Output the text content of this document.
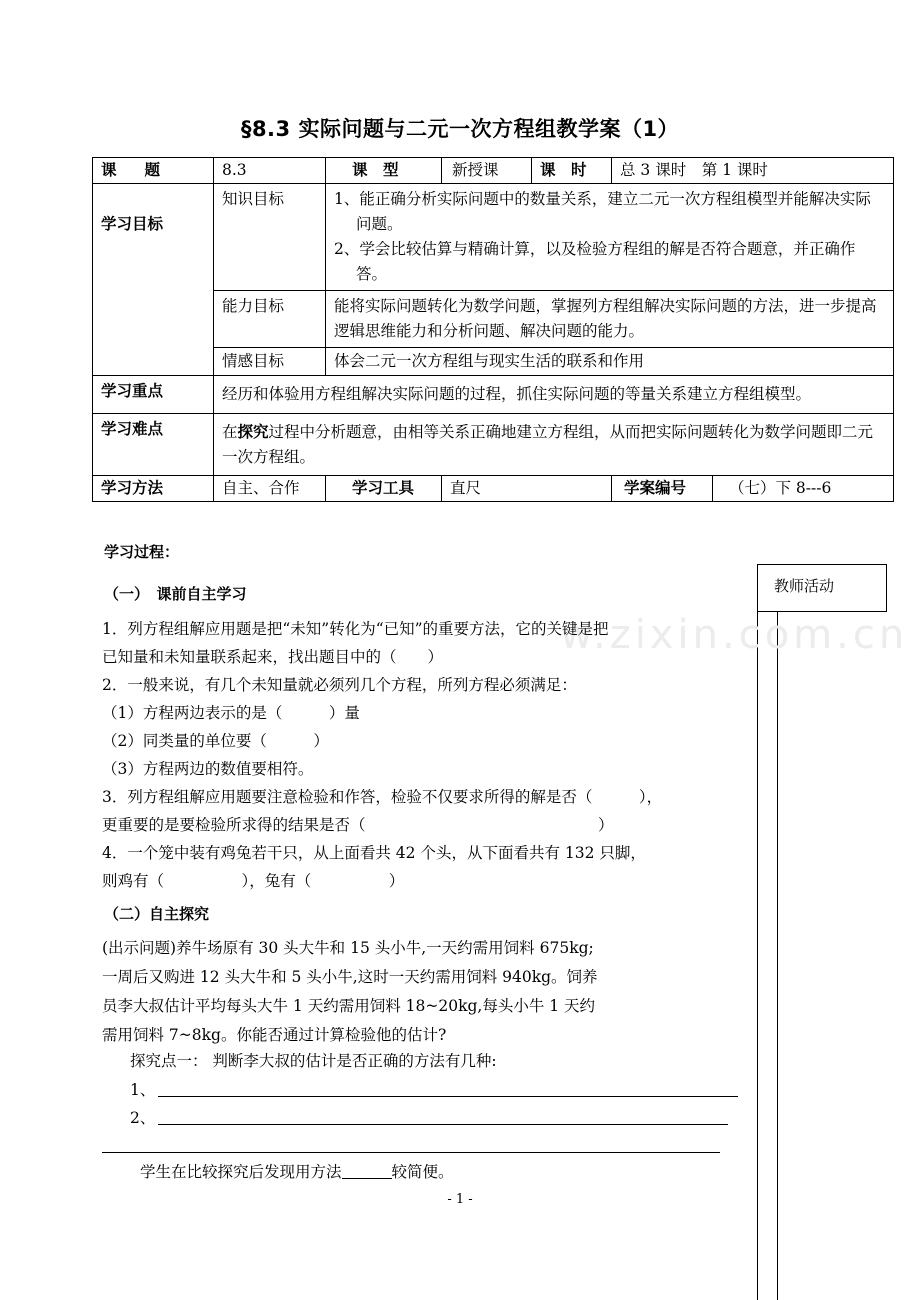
§8.3 实际问题与二元一次方程组教学案（1）
课题	8.3	课　型	新授课	课　时	总 3 课时　第 1 课时	
学习目标	知识目标	1、能正确分析实际问题中的数量关系，建立二元一次方程组模型并能解决实际问题。
2、学会比较估算与精确计算，以及检验方程组的解是否符合题意，并正确作答。				

	能力目标	能将实际问题转化为数学问题，掌握列方程组解决实际问题的方法，进一步提高逻辑思维能力和分析问题、解决问题的能力。				
	情感目标	体会二元一次方程组与现实生活的联系和作用				
学习重点	经历和体验用方程组解决实际问题的过程，抓住实际问题的等量关系建立方程组模型。					
学习难点	在探究过程中分析题意，由相等关系正确地建立方程组，从而把实际问题转化为数学问题即二元一次方程组。					
学习方法	自主、合作	学习工具	直尺		学案编号	（七）下 8---6
学习过程：
教师活动
w.zixin.com.cn
（一）　课前自主学习
1．列方程组解应用题是把“未知”转化为“已知”的重要方法，它的关键是把
已知量和未知量联系起来，找出题目中的（　　）
2．一般来说，有几个未知量就必须列几个方程，所列方程必须满足：
（1）方程两边表示的是（　　　）量
（2）同类量的单位要（　　　）
（3）方程两边的数值要相符。
3．列方程组解应用题要注意检验和作答，检验不仅要求所得的解是否（　　　），
更重要的是要检验所求得的结果是否（　　　　　　　　　　　　　　　）
4．一个笼中装有鸡兔若干只，从上面看共 42 个头，从下面看共有 132 只脚，
则鸡有（　　　　　），兔有（　　　　　）
（二）自主探究
(出示问题)养牛场原有 30 头大牛和 15 头小牛,一天约需用饲料 675kg;
一周后又购进 12 头大牛和 5 头小牛,这时一天约需用饲料 940kg。饲养
员李大叔估计平均每头大牛 1 天约需用饲料 18~20kg,每头小牛 1 天约
需用饲料 7~8kg。你能否通过计算检验他的估计?
探究点一： 判断李大叔的估计是否正确的方法有几种:
1、
2、
学生在比较探究后发现用方法	较简便。
- 1 -
